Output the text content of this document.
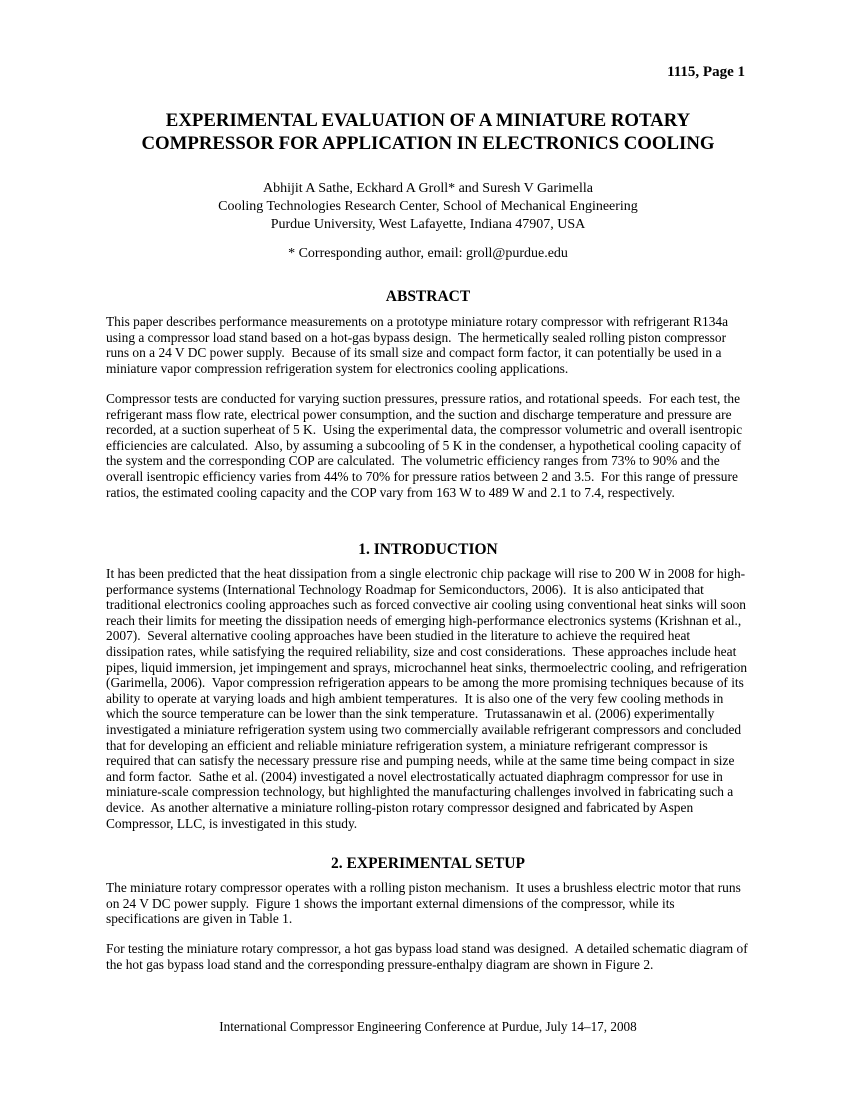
1115, Page 1
EXPERIMENTAL EVALUATION OF A MINIATURE ROTARY
COMPRESSOR FOR APPLICATION IN ELECTRONICS COOLING
Abhijit A Sathe, Eckhard A Groll* and Suresh V Garimella
Cooling Technologies Research Center, School of Mechanical Engineering
Purdue University, West Lafayette, Indiana 47907, USA
* Corresponding author, email: groll@purdue.edu
ABSTRACT
This paper describes performance measurements on a prototype miniature rotary compressor with refrigerant R134a using a compressor load stand based on a hot-gas bypass design.  The hermetically sealed rolling piston compressor runs on a 24 V DC power supply.  Because of its small size and compact form factor, it can potentially be used in a miniature vapor compression refrigeration system for electronics cooling applications.
Compressor tests are conducted for varying suction pressures, pressure ratios, and rotational speeds.  For each test, the refrigerant mass flow rate, electrical power consumption, and the suction and discharge temperature and pressure are recorded, at a suction superheat of 5 K.  Using the experimental data, the compressor volumetric and overall isentropic efficiencies are calculated.  Also, by assuming a subcooling of 5 K in the condenser, a hypothetical cooling capacity of the system and the corresponding COP are calculated.  The volumetric efficiency ranges from 73% to 90% and the overall isentropic efficiency varies from 44% to 70% for pressure ratios between 2 and 3.5.  For this range of pressure ratios, the estimated cooling capacity and the COP vary from 163 W to 489 W and 2.1 to 7.4, respectively.
1. INTRODUCTION
It has been predicted that the heat dissipation from a single electronic chip package will rise to 200 W in 2008 for high-performance systems (International Technology Roadmap for Semiconductors, 2006).  It is also anticipated that traditional electronics cooling approaches such as forced convective air cooling using conventional heat sinks will soon reach their limits for meeting the dissipation needs of emerging high-performance electronics systems (Krishnan et al., 2007).  Several alternative cooling approaches have been studied in the literature to achieve the required heat dissipation rates, while satisfying the required reliability, size and cost considerations.  These approaches include heat pipes, liquid immersion, jet impingement and sprays, microchannel heat sinks, thermoelectric cooling, and refrigeration (Garimella, 2006).  Vapor compression refrigeration appears to be among the more promising techniques because of its ability to operate at varying loads and high ambient temperatures.  It is also one of the very few cooling methods in which the source temperature can be lower than the sink temperature.  Trutassanawin et al. (2006) experimentally investigated a miniature refrigeration system using two commercially available refrigerant compressors and concluded that for developing an efficient and reliable miniature refrigeration system, a miniature refrigerant compressor is required that can satisfy the necessary pressure rise and pumping needs, while at the same time being compact in size and form factor.  Sathe et al. (2004) investigated a novel electrostatically actuated diaphragm compressor for use in miniature-scale compression technology, but highlighted the manufacturing challenges involved in fabricating such a device.  As another alternative a miniature rolling-piston rotary compressor designed and fabricated by Aspen Compressor, LLC, is investigated in this study.
2. EXPERIMENTAL SETUP
The miniature rotary compressor operates with a rolling piston mechanism.  It uses a brushless electric motor that runs on 24 V DC power supply.  Figure 1 shows the important external dimensions of the compressor, while its specifications are given in Table 1.
For testing the miniature rotary compressor, a hot gas bypass load stand was designed.  A detailed schematic diagram of the hot gas bypass load stand and the corresponding pressure-enthalpy diagram are shown in Figure 2.
International Compressor Engineering Conference at Purdue, July 14–17, 2008
